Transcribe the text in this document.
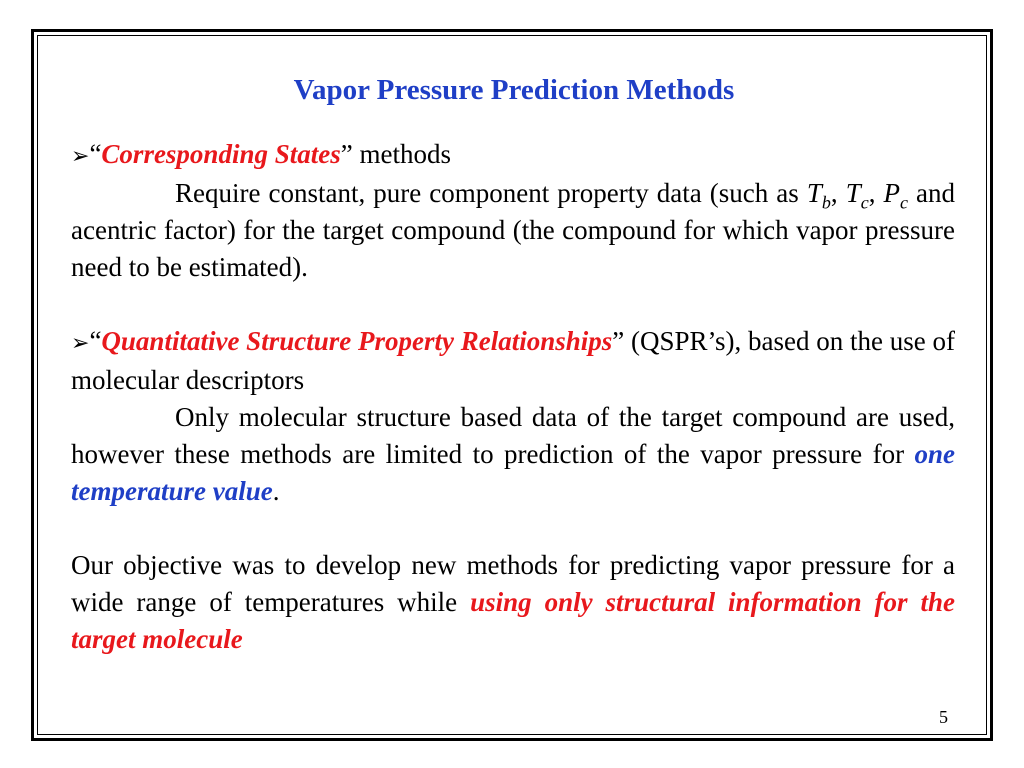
Vapor Pressure Prediction Methods

➢“Corresponding States” methods

Require constant, pure component property data (such as $T_b$, $T_c$, $P_c$ and acentric factor) for the target compound (the compound for which vapor pressure need to be estimated).

➢“Quantitative Structure Property Relationships” (QSPR’s), based on the use of molecular descriptors

Only molecular structure based data of the target compound are used, however these methods are limited to prediction of the vapor pressure for one temperature value.

Our objective was to develop new methods for predicting vapor pressure for a wide range of temperatures while using only structural information for the target molecule

5
